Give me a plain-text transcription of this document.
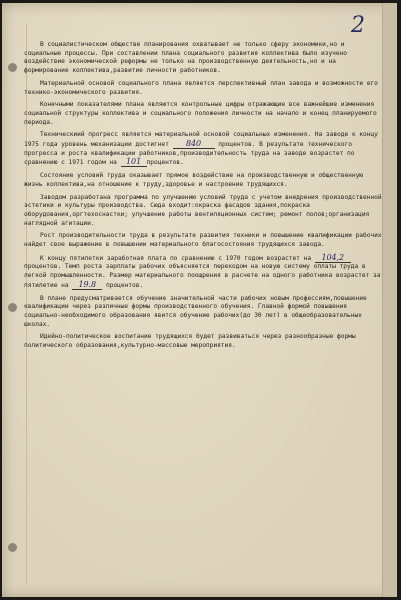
2

В социалистическом обществе планирования охватывает не только сферу экономики,но и социальные процессы. При составлении плана социального развития коллектива было изучено воздействие экономической реформы не только на производственную деятельность,но и на формирование коллектива,развитие личности работников.

Материальной основой социального плана является перспективный план завода и возможности его технико-экономического развития.

Конечными показателями плана являются контрольные цифры отражающие все важнейшие изменения социальной структуры коллектива и социального положения личности на начало и конец планируемого периода.

Техническиий прогресс является материальной основой социальных изменения. На заводе к концу 1975 года уровень механизации достигнет 840	процентов. В результате технического прогресса и роста квалификации работников,производительность труда на заводе возрастет по сравнению с 1971 годом на 101 процентов.

Состояние условий труда оказывает прямое воздействие на производственную и общественную жизнь коллектива,на отношение к труду,здоровье и настроение трудящихся.

Заводом разработана программа по улучшению условий труда с учетом внедрения производственной эстетики и культуры производства. Сюда входит:окраска фасадов здания,покраска оборудования,оргтехоснастки; улучшение работы вентиляционных систем; ремонт полов;организация наглядной агитации.

Рост производительности труда в результате развития техники и повышение квалификации рабочих найдет свое выражение в повышении материального благосостояния трудящихся завода.

К концу пятилетки заработная плата по сравнению с 1970 годом возрастет на 104,2 процентов. Темп роста зарплаты рабочих объясняется переходом на новую систему оплаты труда в легкой промышленности. Размер материального поощрения в расчете на одного работника возрастет за пятилетие на 19.8 процентов.

В плане предусматривается обучение значительной части рабочих новым профессиям,повышение квалификации через различные формы производственного обучения. Главной формой повышения социально-необходимого образования явится обучение рабочих(до 30 лет) в общеобразовательных школах.

Идейно-политическое воспитание трудящихся будет развиваться через разнообразные формы политического образования,культурно-массовые мероприятия.
